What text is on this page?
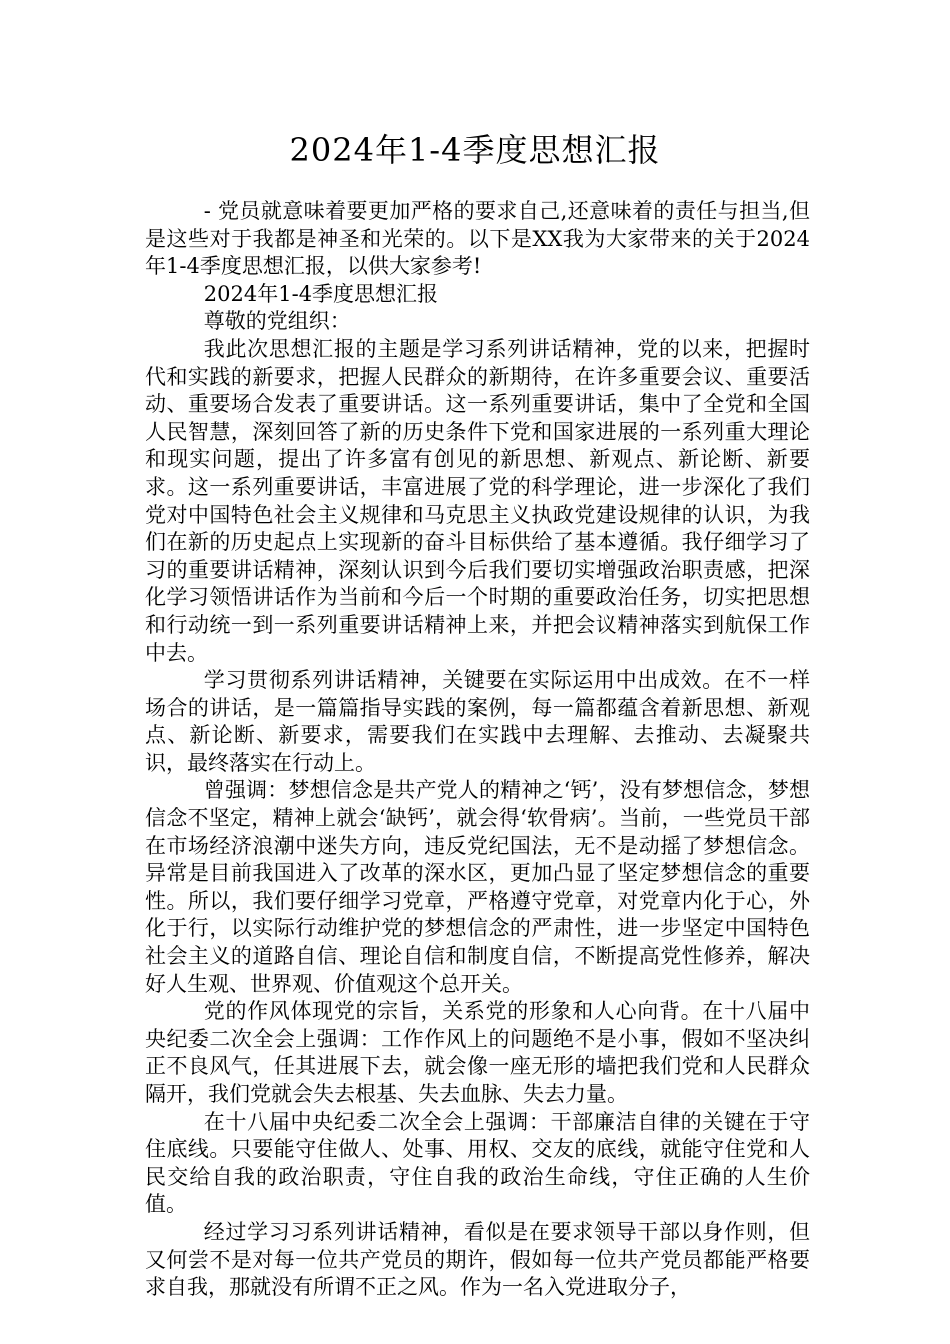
2024年1-4季度思想汇报

- 党员就意味着要更加严格的要求自己,还意味着的责任与担当,但是这些对于我都是神圣和光荣的。以下是XX我为大家带来的关于2024年1-4季度思想汇报，以供大家参考!

2024年1-4季度思想汇报

尊敬的党组织：

我此次思想汇报的主题是学习系列讲话精神，党的以来，把握时代和实践的新要求，把握人民群众的新期待，在许多重要会议、重要活动、重要场合发表了重要讲话。这一系列重要讲话，集中了全党和全国人民智慧，深刻回答了新的历史条件下党和国家进展的一系列重大理论和现实问题，提出了许多富有创见的新思想、新观点、新论断、新要求。这一系列重要讲话，丰富进展了党的科学理论，进一步深化了我们党对中国特色社会主义规律和马克思主义执政党建设规律的认识，为我们在新的历史起点上实现新的奋斗目标供给了基本遵循。我仔细学习了习的重要讲话精神，深刻认识到今后我们要切实增强政治职责感，把深化学习领悟讲话作为当前和今后一个时期的重要政治任务，切实把思想和行动统一到一系列重要讲话精神上来，并把会议精神落实到航保工作中去。

学习贯彻系列讲话精神，关键要在实际运用中出成效。在不一样场合的讲话，是一篇篇指导实践的案例，每一篇都蕴含着新思想、新观点、新论断、新要求，需要我们在实践中去理解、去推动、去凝聚共识，最终落实在行动上。

曾强调：梦想信念是共产党人的精神之‘钙’，没有梦想信念，梦想信念不坚定，精神上就会‘缺钙’，就会得‘软骨病’。当前，一些党员干部在市场经济浪潮中迷失方向，违反党纪国法，无不是动摇了梦想信念。异常是目前我国进入了改革的深水区，更加凸显了坚定梦想信念的重要性。所以，我们要仔细学习党章，严格遵守党章，对党章内化于心，外化于行，以实际行动维护党的梦想信念的严肃性，进一步坚定中国特色社会主义的道路自信、理论自信和制度自信，不断提高党性修养，解决好人生观、世界观、价值观这个总开关。

党的作风体现党的宗旨，关系党的形象和人心向背。在十八届中央纪委二次全会上强调：工作作风上的问题绝不是小事，假如不坚决纠正不良风气，任其进展下去，就会像一座无形的墙把我们党和人民群众隔开，我们党就会失去根基、失去血脉、失去力量。

在十八届中央纪委二次全会上强调：干部廉洁自律的关键在于守住底线。只要能守住做人、处事、用权、交友的底线，就能守住党和人民交给自我的政治职责，守住自我的政治生命线，守住正确的人生价值。

经过学习习系列讲话精神，看似是在要求领导干部以身作则，但又何尝不是对每一位共产党员的期许，假如每一位共产党员都能严格要求自我，那就没有所谓不正之风。作为一名入党进取分子，
